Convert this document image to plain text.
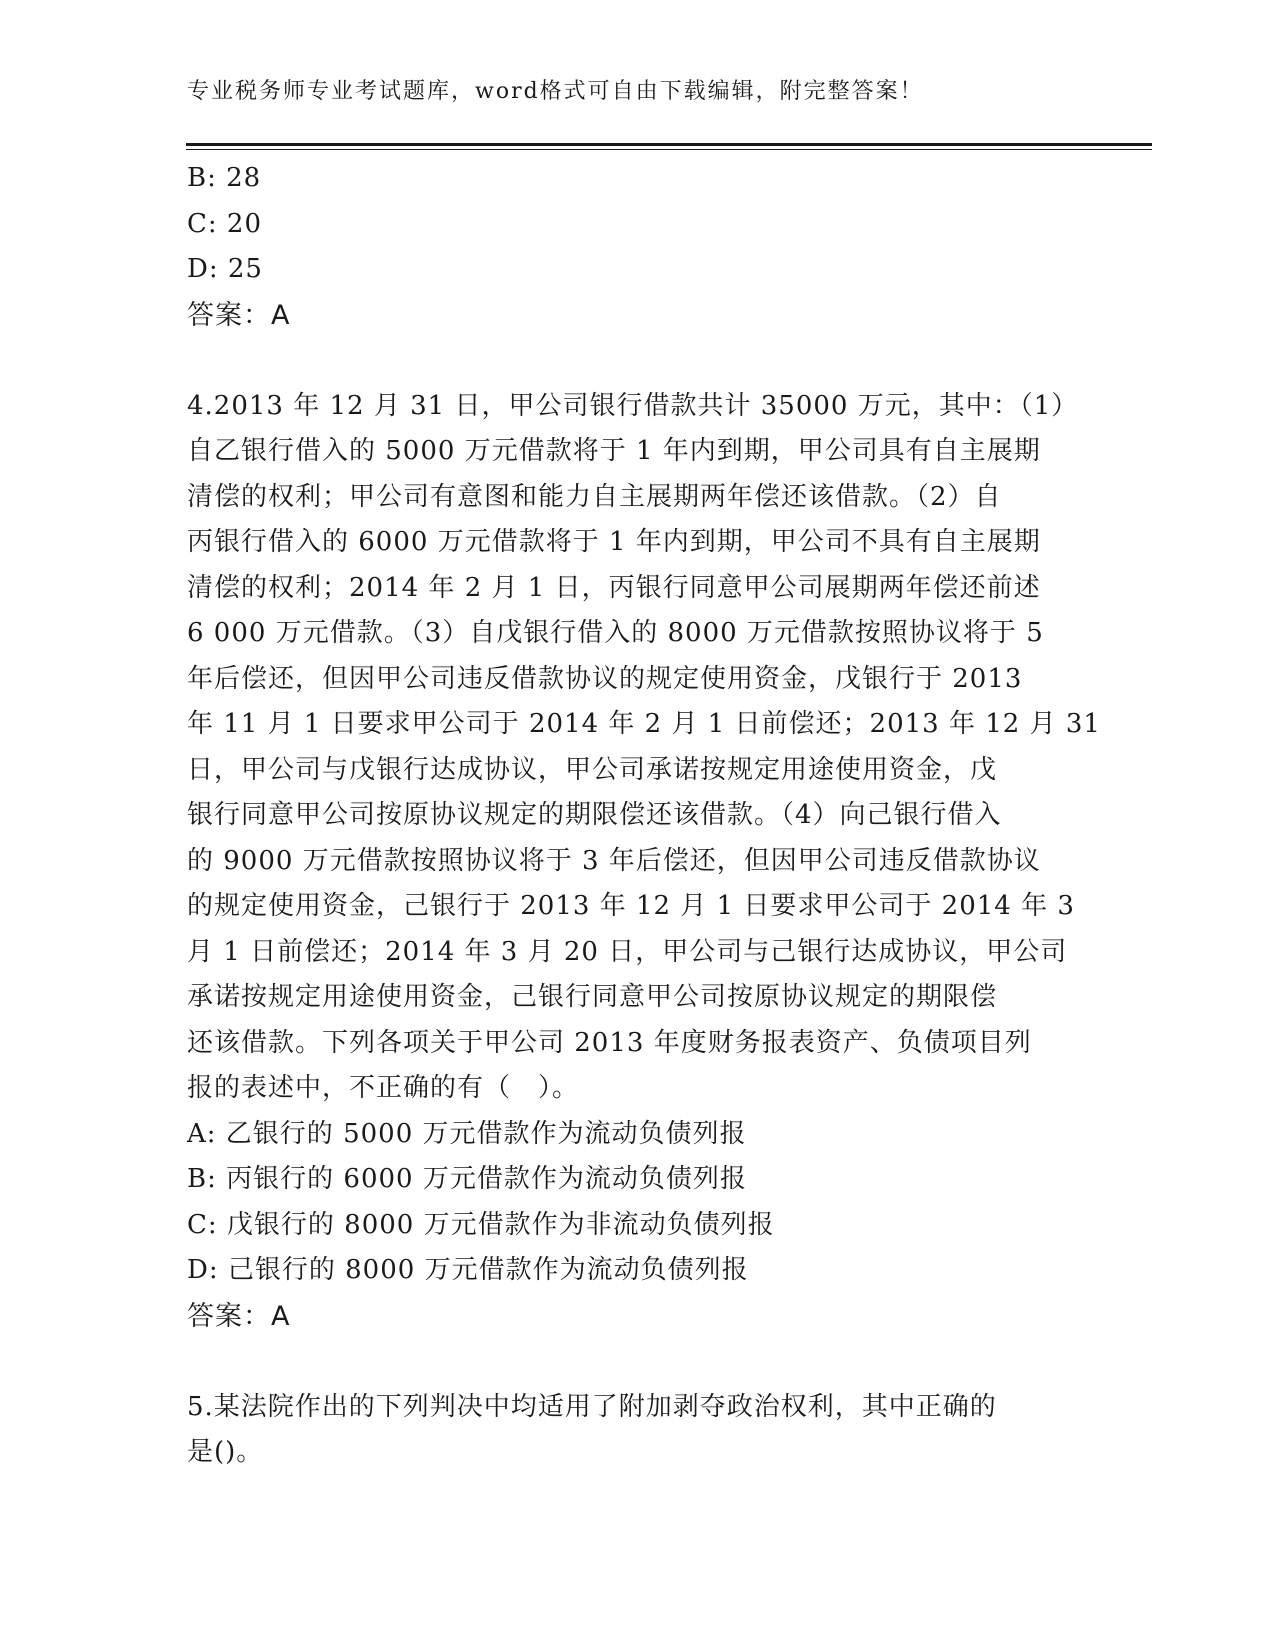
专业税务师专业考试题库，word格式可自由下载编辑，附完整答案！
B: 28
C: 20
D: 25
答案：A
4.2013 年 12 月 31 日，甲公司银行借款共计 35000 万元，其中：（1）
自乙银行借入的 5000 万元借款将于 1 年内到期，甲公司具有自主展期
清偿的权利；甲公司有意图和能力自主展期两年偿还该借款。（2）自
丙银行借入的 6000 万元借款将于 1 年内到期，甲公司不具有自主展期
清偿的权利；2014 年 2 月 1 日，丙银行同意甲公司展期两年偿还前述
6 000 万元借款。（3）自戊银行借入的 8000 万元借款按照协议将于 5
年后偿还，但因甲公司违反借款协议的规定使用资金，戊银行于 2013
年 11 月 1 日要求甲公司于 2014 年 2 月 1 日前偿还；2013 年 12 月 31
日，甲公司与戊银行达成协议，甲公司承诺按规定用途使用资金，戊
银行同意甲公司按原协议规定的期限偿还该借款。（4）向己银行借入
的 9000 万元借款按照协议将于 3 年后偿还，但因甲公司违反借款协议
的规定使用资金，己银行于 2013 年 12 月 1 日要求甲公司于 2014 年 3
月 1 日前偿还；2014 年 3 月 20 日，甲公司与己银行达成协议，甲公司
承诺按规定用途使用资金，己银行同意甲公司按原协议规定的期限偿
还该借款。下列各项关于甲公司 2013 年度财务报表资产、负债项目列
报的表述中，不正确的有（　）。
A: 乙银行的 5000 万元借款作为流动负债列报
B: 丙银行的 6000 万元借款作为流动负债列报
C: 戊银行的 8000 万元借款作为非流动负债列报
D: 己银行的 8000 万元借款作为流动负债列报
答案：A
5.某法院作出的下列判决中均适用了附加剥夺政治权利，其中正确的
是()。
